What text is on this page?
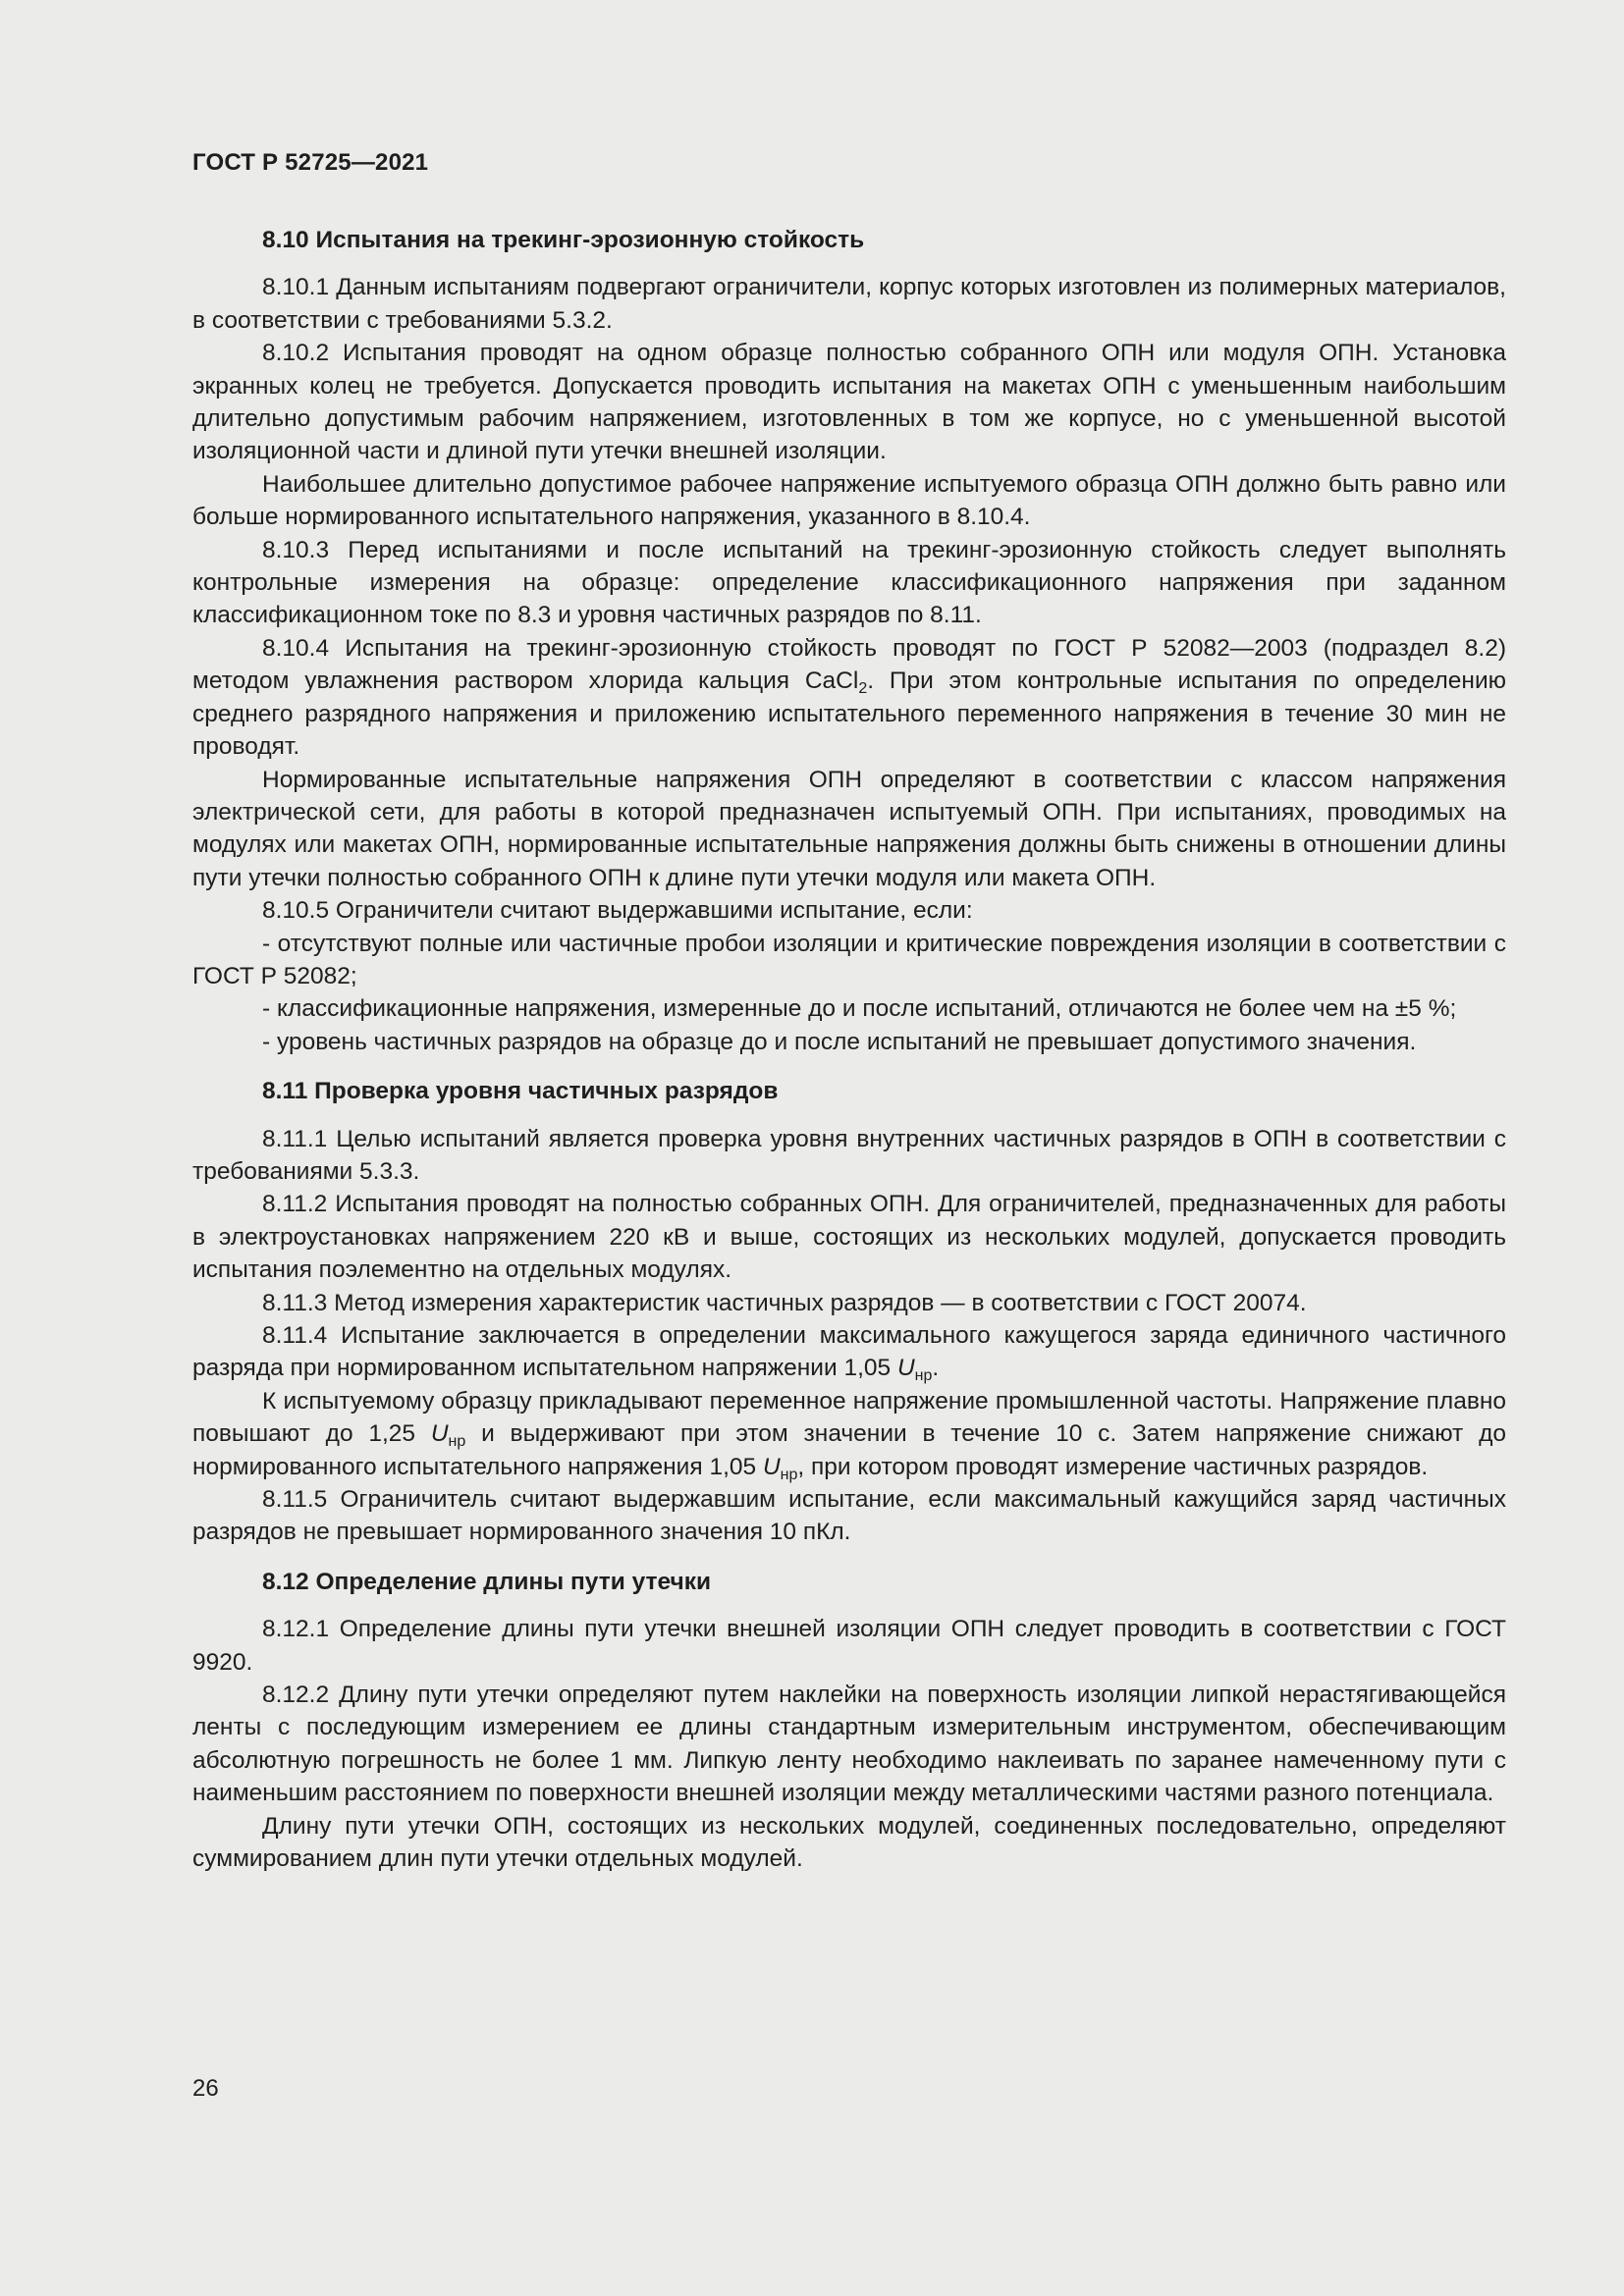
ГОСТ Р 52725—2021
8.10 Испытания на трекинг-эрозионную стойкость

8.10.1 Данным испытаниям подвергают ограничители, корпус которых изготовлен из полимерных материалов, в соответствии с требованиями 5.3.2.

8.10.2 Испытания проводят на одном образце полностью собранного ОПН или модуля ОПН. Установка экранных колец не требуется. Допускается проводить испытания на макетах ОПН с уменьшенным наибольшим длительно допустимым рабочим напряжением, изготовленных в том же корпусе, но с уменьшенной высотой изоляционной части и длиной пути утечки внешней изоляции.

Наибольшее длительно допустимое рабочее напряжение испытуемого образца ОПН должно быть равно или больше нормированного испытательного напряжения, указанного в 8.10.4.

8.10.3 Перед испытаниями и после испытаний на трекинг-эрозионную стойкость следует выполнять контрольные измерения на образце: определение классификационного напряжения при заданном классификационном токе по 8.3 и уровня частичных разрядов по 8.11.

8.10.4 Испытания на трекинг-эрозионную стойкость проводят по ГОСТ Р 52082—2003 (подраздел 8.2) методом увлажнения раствором хлорида кальция CaCl$_2$. При этом контрольные испытания по определению среднего разрядного напряжения и приложению испытательного переменного напряжения в течение 30 мин не проводят.

Нормированные испытательные напряжения ОПН определяют в соответствии с классом напряжения электрической сети, для работы в которой предназначен испытуемый ОПН. При испытаниях, проводимых на модулях или макетах ОПН, нормированные испытательные напряжения должны быть снижены в отношении длины пути утечки полностью собранного ОПН к длине пути утечки модуля или макета ОПН.

8.10.5 Ограничители считают выдержавшими испытание, если:

- отсутствуют полные или частичные пробои изоляции и критические повреждения изоляции в соответствии с ГОСТ Р 52082;

- классификационные напряжения, измеренные до и после испытаний, отличаются не более чем на ±5 %;

- уровень частичных разрядов на образце до и после испытаний не превышает допустимого значения.

8.11 Проверка уровня частичных разрядов

8.11.1 Целью испытаний является проверка уровня внутренних частичных разрядов в ОПН в соответствии с требованиями 5.3.3.

8.11.2 Испытания проводят на полностью собранных ОПН. Для ограничителей, предназначенных для работы в электроустановках напряжением 220 кВ и выше, состоящих из нескольких модулей, допускается проводить испытания поэлементно на отдельных модулях.

8.11.3 Метод измерения характеристик частичных разрядов — в соответствии с ГОСТ 20074.

8.11.4 Испытание заключается в определении максимального кажущегося заряда единичного частичного разряда при нормированном испытательном напряжении 1,05 $U_{нр}$.

К испытуемому образцу прикладывают переменное напряжение промышленной частоты. Напряжение плавно повышают до 1,25 $U_{нр}$ и выдерживают при этом значении в течение 10 с. Затем напряжение снижают до нормированного испытательного напряжения 1,05 $U_{нр}$, при котором проводят измерение частичных разрядов.

8.11.5 Ограничитель считают выдержавшим испытание, если максимальный кажущийся заряд частичных разрядов не превышает нормированного значения 10 пКл.

8.12 Определение длины пути утечки

8.12.1 Определение длины пути утечки внешней изоляции ОПН следует проводить в соответствии с ГОСТ 9920.

8.12.2 Длину пути утечки определяют путем наклейки на поверхность изоляции липкой нерастягивающейся ленты с последующим измерением ее длины стандартным измерительным инструментом, обеспечивающим абсолютную погрешность не более 1 мм. Липкую ленту необходимо наклеивать по заранее намеченному пути с наименьшим расстоянием по поверхности внешней изоляции между металлическими частями разного потенциала.

Длину пути утечки ОПН, состоящих из нескольких модулей, соединенных последовательно, определяют суммированием длин пути утечки отдельных модулей.

26
